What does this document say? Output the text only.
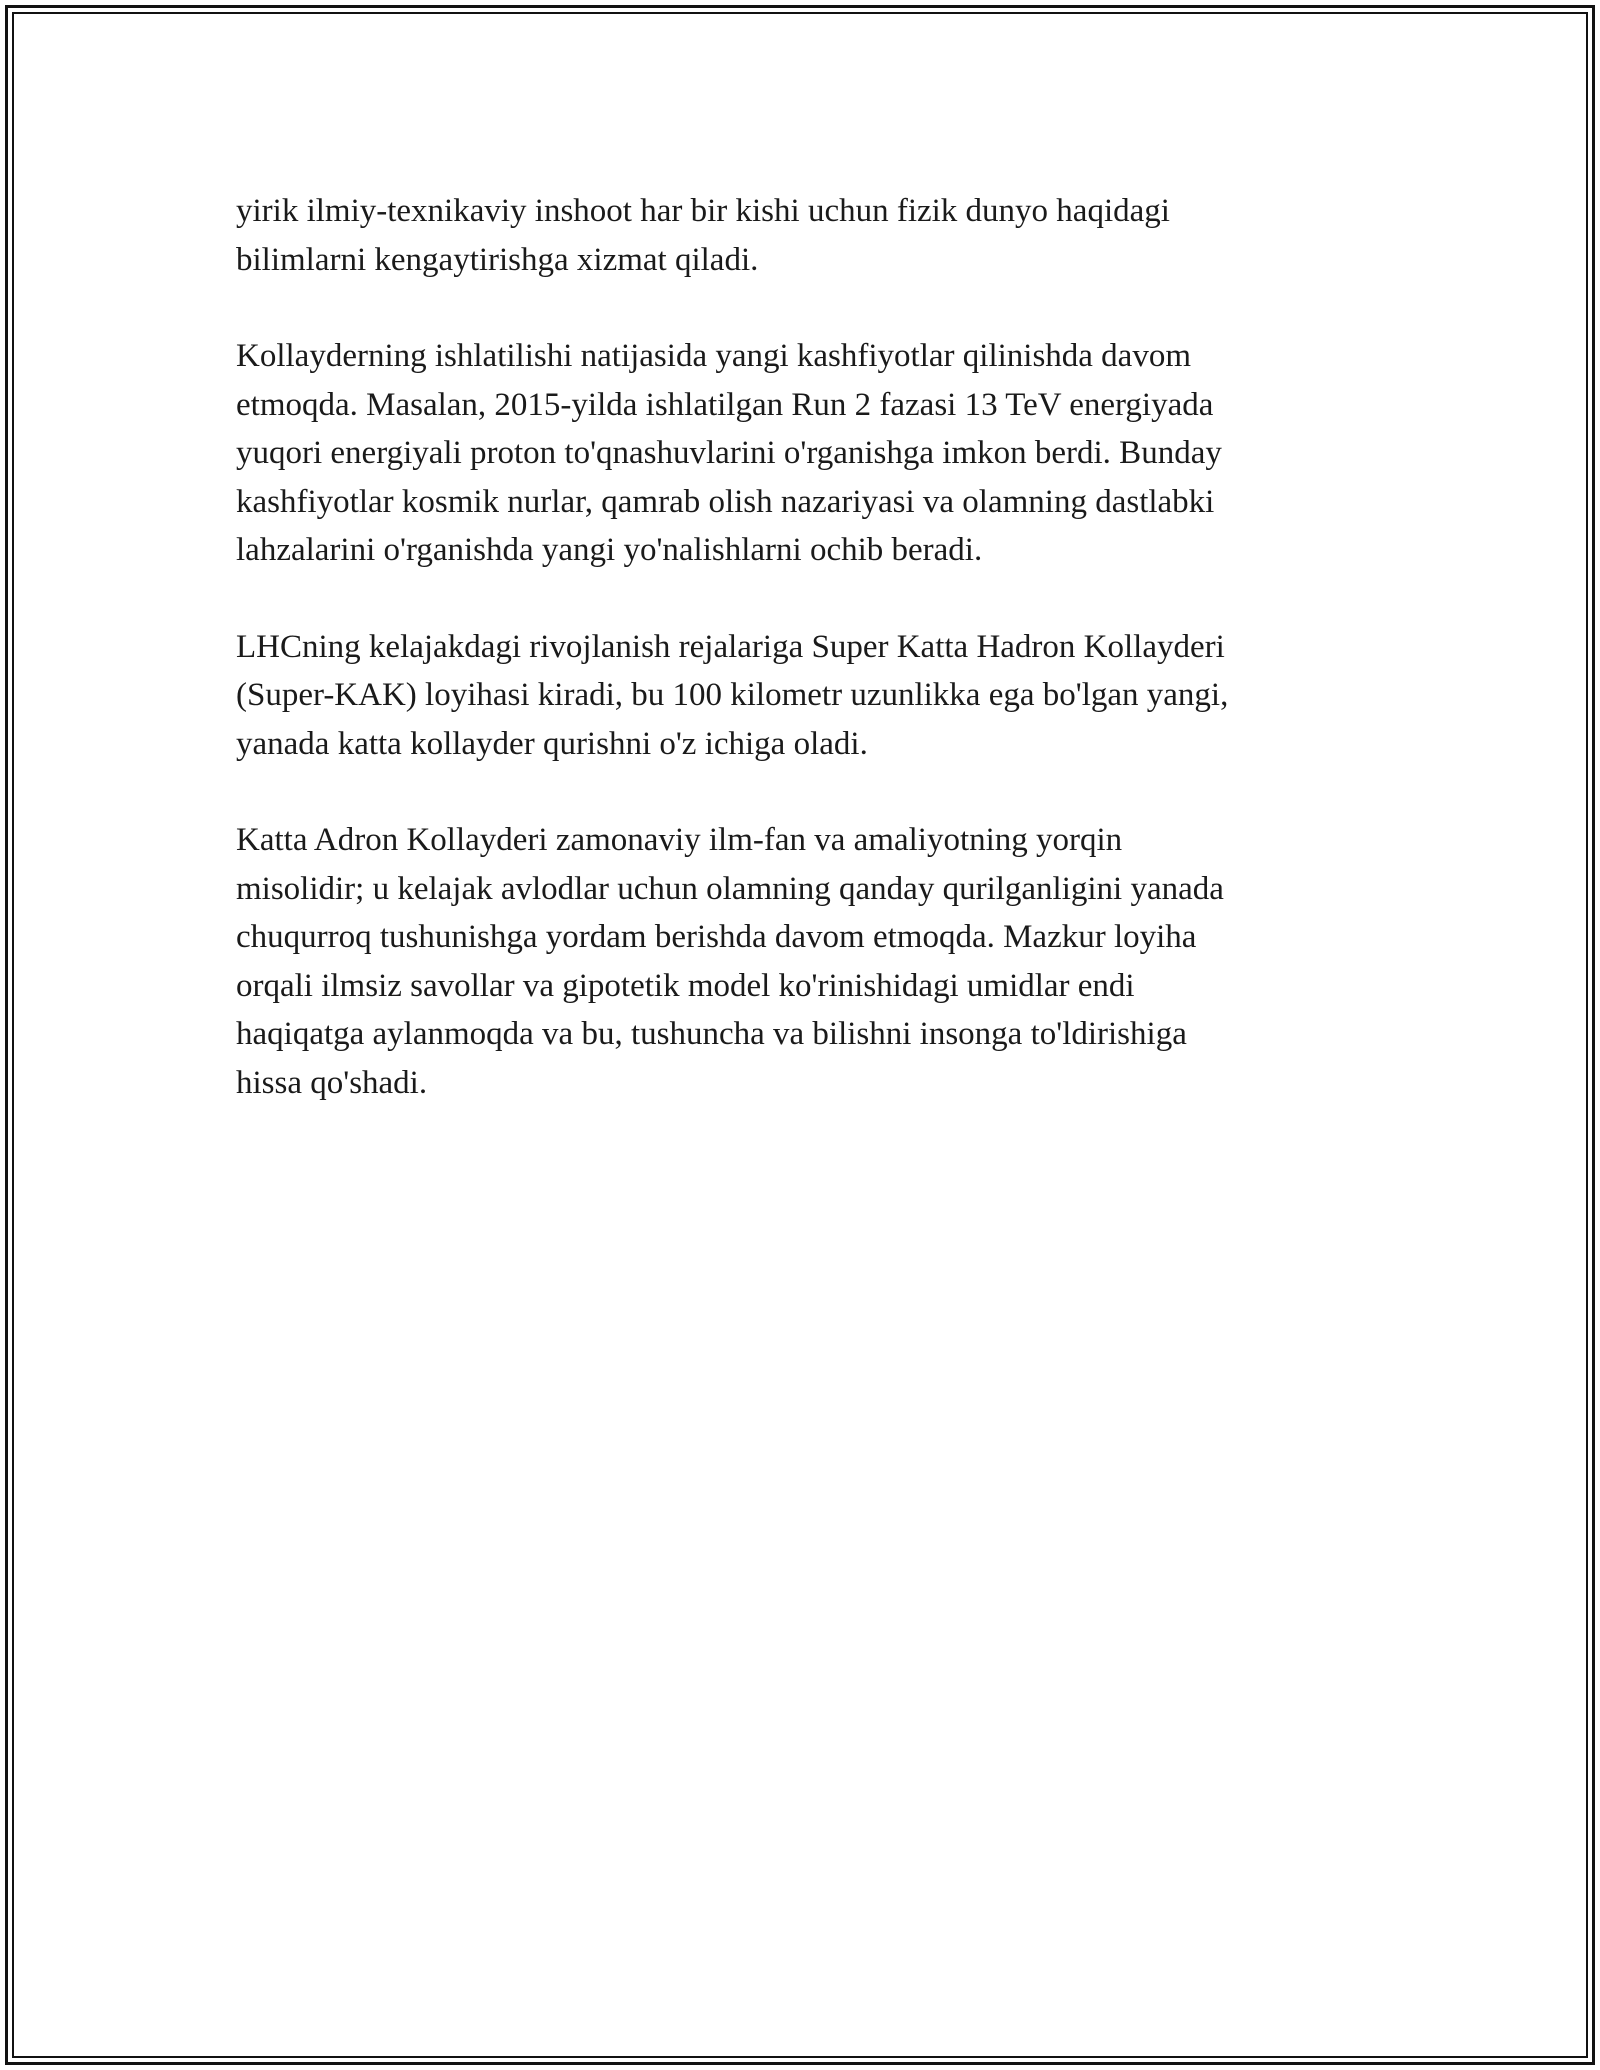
yirik ilmiy-texnikaviy inshoot har bir kishi uchun fizik dunyo haqidagi
bilimlarni kengaytirishga xizmat qiladi.

Kollayderning ishlatilishi natijasida yangi kashfiyotlar qilinishda davom
etmoqda. Masalan, 2015-yilda ishlatilgan Run 2 fazasi 13 TeV energiyada
yuqori energiyali proton to'qnashuvlarini o'rganishga imkon berdi. Bunday
kashfiyotlar kosmik nurlar, qamrab olish nazariyasi va olamning dastlabki
lahzalarini o'rganishda yangi yo'nalishlarni ochib beradi.

LHCning kelajakdagi rivojlanish rejalariga Super Katta Hadron Kollayderi
(Super-KAK) loyihasi kiradi, bu 100 kilometr uzunlikka ega bo'lgan yangi,
yanada katta kollayder qurishni o'z ichiga oladi.

Katta Adron Kollayderi zamonaviy ilm-fan va amaliyotning yorqin
misolidir; u kelajak avlodlar uchun olamning qanday qurilganligini yanada
chuqurroq tushunishga yordam berishda davom etmoqda. Mazkur loyiha
orqali ilmsiz savollar va gipotetik model ko'rinishidagi umidlar endi
haqiqatga aylanmoqda va bu, tushuncha va bilishni insonga to'ldirishiga
hissa qo'shadi.
